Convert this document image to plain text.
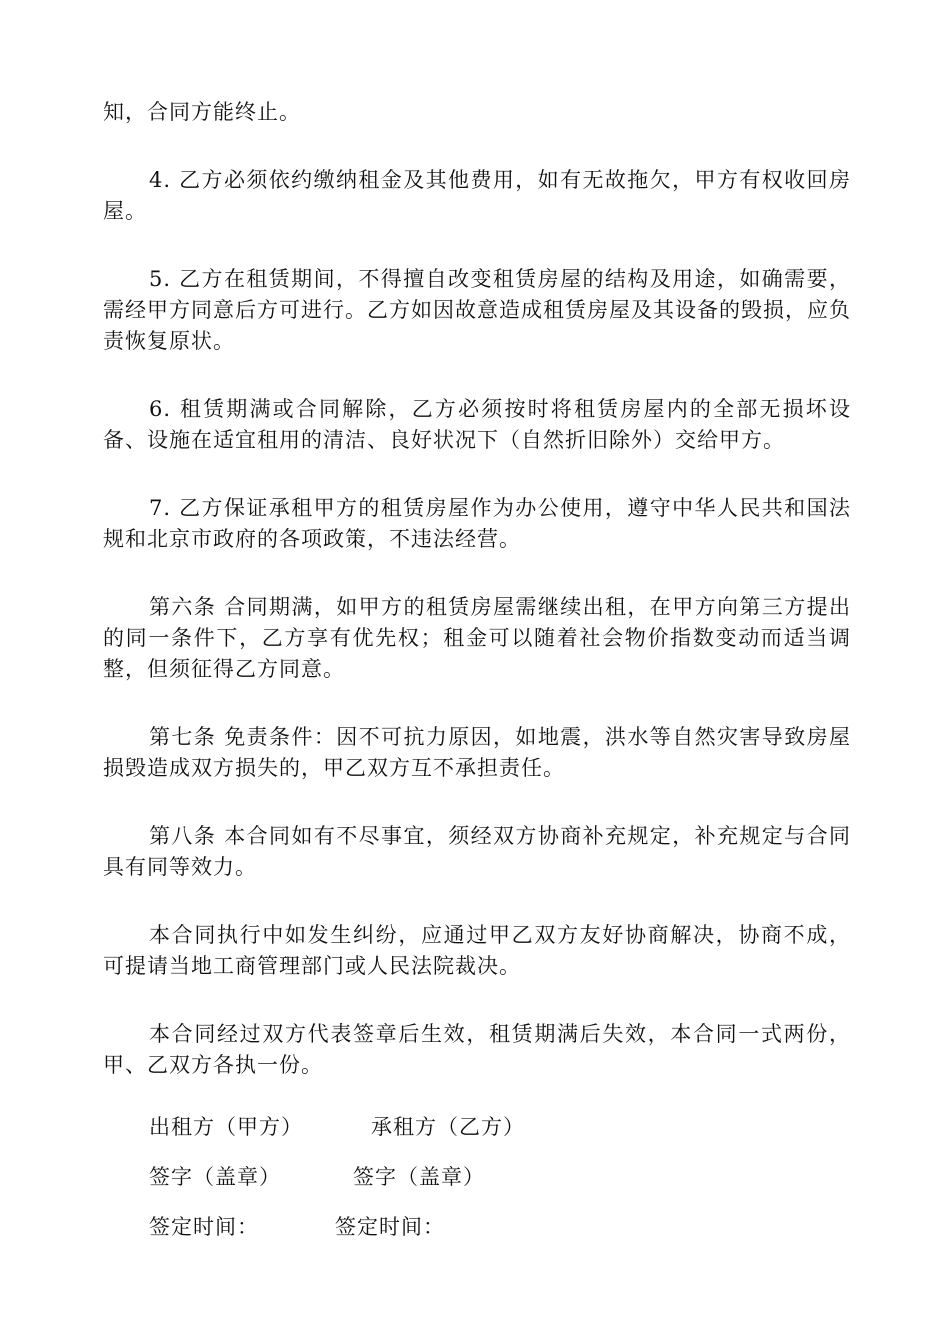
知，合同方能终止。

4. 乙方必须依约缴纳租金及其他费用，如有无故拖欠，甲方有权收回房屋。

5. 乙方在租赁期间，不得擅自改变租赁房屋的结构及用途，如确需要，需经甲方同意后方可进行。乙方如因故意造成租赁房屋及其设备的毁损，应负责恢复原状。

6. 租赁期满或合同解除，乙方必须按时将租赁房屋内的全部无损坏设备、设施在适宜租用的清洁、良好状况下（自然折旧除外）交给甲方。

7. 乙方保证承租甲方的租赁房屋作为办公使用，遵守中华人民共和国法规和北京市政府的各项政策，不违法经营。

第六条 合同期满，如甲方的租赁房屋需继续出租，在甲方向第三方提出的同一条件下，乙方享有优先权；租金可以随着社会物价指数变动而适当调整，但须征得乙方同意。

第七条 免责条件：因不可抗力原因，如地震，洪水等自然灾害导致房屋损毁造成双方损失的，甲乙双方互不承担责任。

第八条 本合同如有不尽事宜，须经双方协商补充规定，补充规定与合同具有同等效力。

本合同执行中如发生纠纷，应通过甲乙双方友好协商解决，协商不成，可提请当地工商管理部门或人民法院裁决。

本合同经过双方代表签章后生效，租赁期满后失效，本合同一式两份，甲、乙双方各执一份。

出租方（甲方）	承租方（乙方）
签字（盖章）	签字（盖章）
签定时间：	签定时间：
